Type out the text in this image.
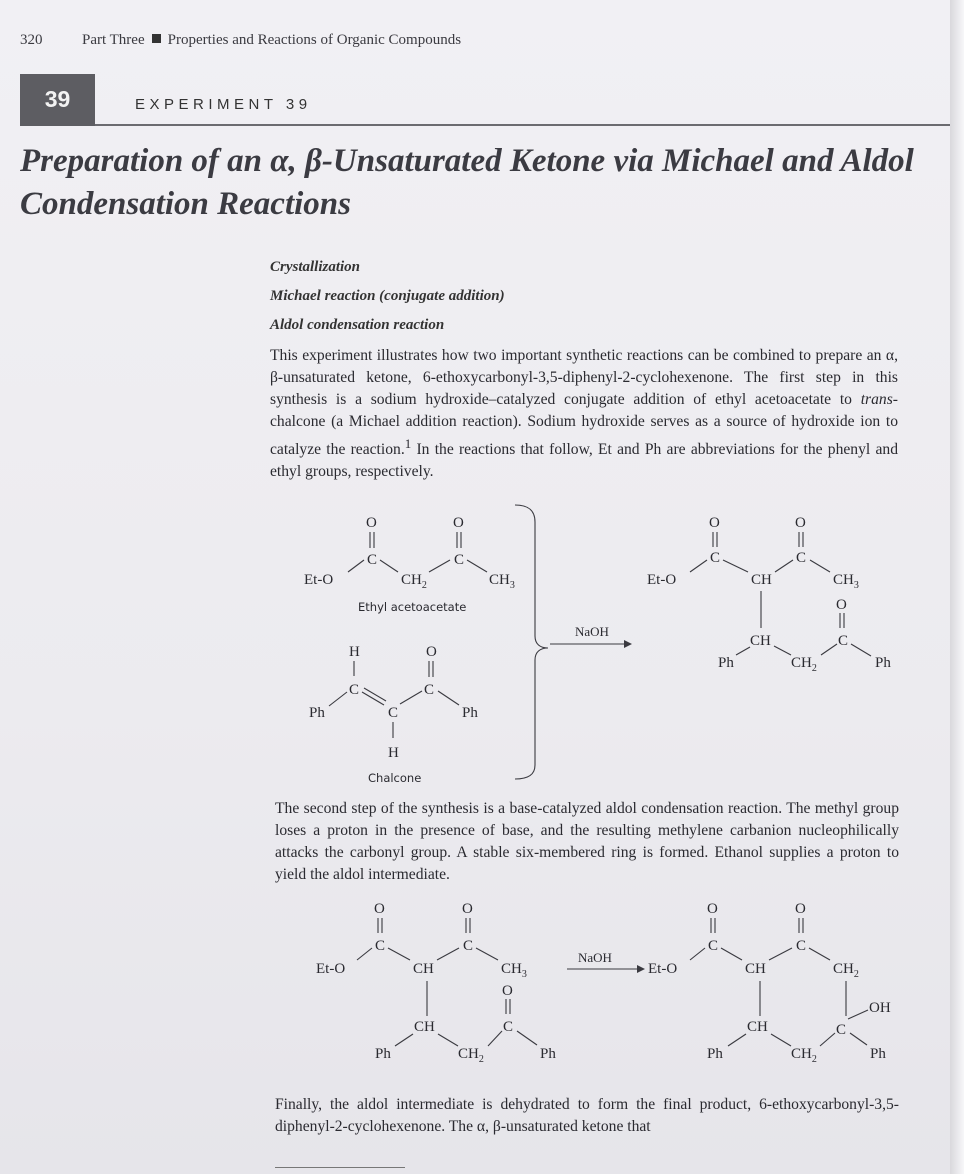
320	Part Three Properties and Reactions of Organic Compounds
39	EXPERIMENT 39
Preparation of an α, β-Unsaturated Ketone via Michael and Aldol Condensation Reactions
Crystallization
Michael reaction (conjugate addition)
Aldol condensation reaction

This experiment illustrates how two important synthetic reactions can be combined to prepare an α, β-unsaturated ketone, 6-ethoxycarbonyl-3,5-diphenyl-2-cyclohexenone. The first step in this synthesis is a sodium hydroxide–catalyzed conjugate addition of ethyl acetoacetate to trans-chalcone (a Michael addition reaction). Sodium hydroxide serves as a source of hydroxide ion to catalyze the reaction.$^1$ In the reactions that follow, Et and Ph are abbreviations for the phenyl and ethyl groups, respectively.

The second step of the synthesis is a base-catalyzed aldol condensation reaction. The methyl group loses a proton in the presence of base, and the resulting methylene carbanion nucleophilically attacks the carbonyl group. A stable six-membered ring is formed. Ethanol supplies a proton to yield the aldol intermediate.

Finally, the aldol intermediate is dehydrated to form the final product, 6-ethoxycarbonyl-3,5-diphenyl-2-cyclohexenone. The α, β-unsaturated ketone that

O
C
O
C
Et-O	$CH_2$	$CH_3$
Ethyl acetoacetate
H
C
O
C
Ph	C	Ph
H
Chalcone
NaOH
O
C
O
C
Et-O	CH	$CH_3$
O
C
CH
Ph	$CH_2$	Ph
O
C
O
C
Et-O	CH	$CH_3$
O
C
CH
Ph	$CH_2$	Ph
NaOH
O
C
O
C
Et-O	CH	$CH_2$
OH
C
CH
Ph	$CH_2$	Ph
